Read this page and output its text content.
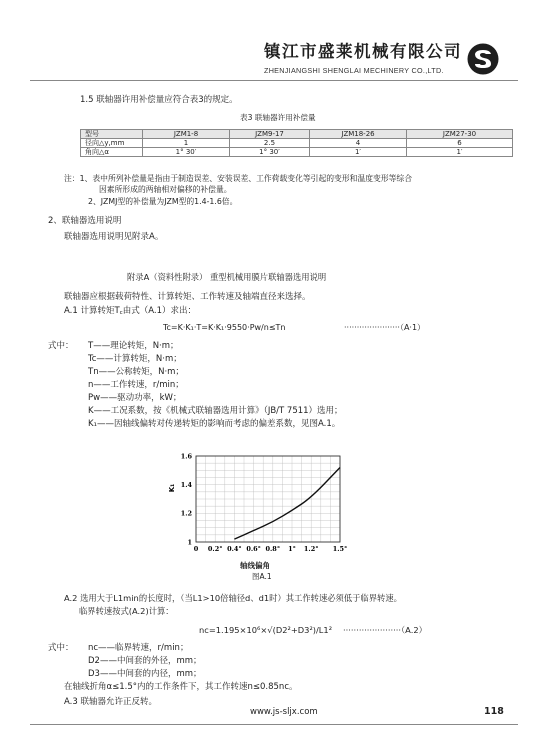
镇江市盛莱机械有限公司
ZHENJIANGSHI SHENGLAI MECHINERY CO.,LTD.
1.5 联轴器许用补偿量应符合表3的规定。
表3 联轴器许用补偿量
型号	JZM1-8	JZM9-17	JZM18-26	JZM27-30
径向△y,mm	1	2.5	4	6
角向△α	1° 30′	1° 30′	1′	1′
注：1、表中所列补偿量是指由于制造误差、安装误差、工作荷载变化等引起的变形和温度变形等综合
因素所形成的两轴相对偏移的补偿量。
2、JZMJ型的补偿量为JZM型的1.4-1.6倍。
2、联轴器选用说明
联轴器选用说明见附录A。
附录A（资料性附录） 重型机械用膜片联轴器选用说明
联轴器应根据载荷特性、计算转矩、工作转速及轴端直径来选择。
A.1 计算转矩Tc由式（A.1）求出：
Tc=K·K₁·T=K·K₁·9550·Pw/n≤Tn	······················（A·1）
式中： T——理论转矩，N·m；
Tc——计算转矩，N·m；
Tn——公称转矩，N·m；
n——工作转速，r/min；
Pw——驱动功率，kW；
K——工况系数，按《机械式联轴器选用计算》（JB/T 7511）选用；
K₁——因轴线偏转对传递转矩的影响而考虑的偏差系数，见图A.1。
0 0.2° 0.4° 0.6° 0.8° 1° 1.2° 1.5°
1
1.2
1.4
1.6
K₁
轴线偏角
图A.1
A.2 选用大于L1min的长度时，（当L1>10倍轴径d、d1时）其工作转速必须低于临界转速。
临界转速按式(A.2)计算：
nc=1.195×10⁶×√(D2²+D3²)/L1² ······················（A.2）
式中： nc——临界转速，r/min；
D2——中间套的外径，mm；
D3——中间套的内径，mm；
在轴线折角α≤1.5°内的工作条件下，其工作转速n≤0.85nc。
A.3 联轴器允许正反转。
www.js-sljx.com	118
